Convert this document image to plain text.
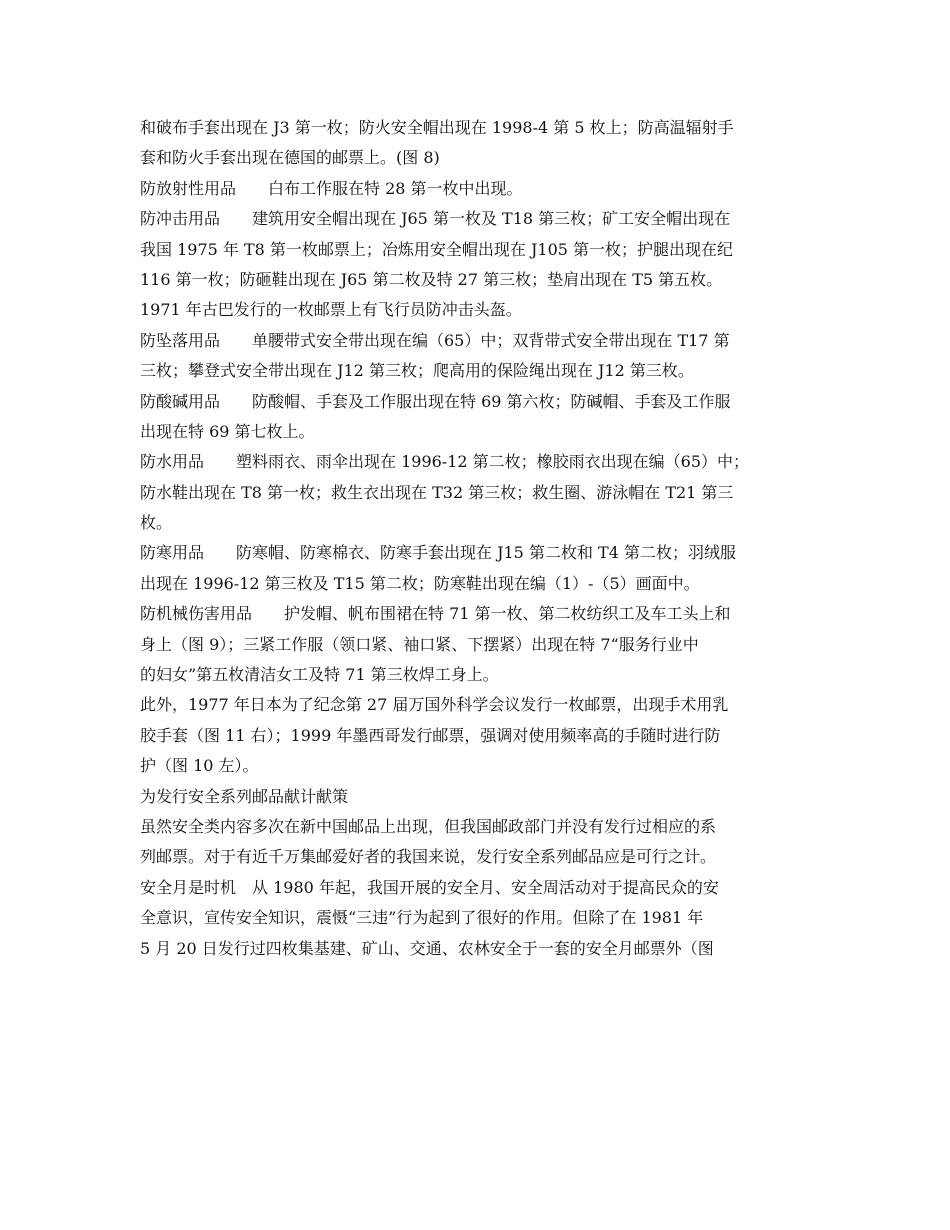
和破布手套出现在 J3 第一枚；防火安全帽出现在 1998-4 第 5 枚上；防高温辐射手
套和防火手套出现在德国的邮票上。(图 8)
防放射性用品　　白布工作服在特 28 第一枚中出现。
防冲击用品　　建筑用安全帽出现在 J65 第一枚及 T18 第三枚；矿工安全帽出现在
我国 1975 年 T8 第一枚邮票上；冶炼用安全帽出现在 J105 第一枚；护腿出现在纪
116 第一枚；防砸鞋出现在 J65 第二枚及特 27 第三枚；垫肩出现在 T5 第五枚。
1971 年古巴发行的一枚邮票上有飞行员防冲击头盔。
防坠落用品　　单腰带式安全带出现在编（65）中；双背带式安全带出现在 T17 第
三枚；攀登式安全带出现在 J12 第三枚；爬高用的保险绳出现在 J12 第三枚。
防酸碱用品　　防酸帽、手套及工作服出现在特 69 第六枚；防碱帽、手套及工作服
出现在特 69 第七枚上。
防水用品　　塑料雨衣、雨伞出现在 1996-12 第二枚；橡胶雨衣出现在编（65）中；
防水鞋出现在 T8 第一枚；救生衣出现在 T32 第三枚；救生圈、游泳帽在 T21 第三
枚。
防寒用品　　防寒帽、防寒棉衣、防寒手套出现在 J15 第二枚和 T4 第二枚；羽绒服
出现在 1996-12 第三枚及 T15 第二枚；防寒鞋出现在编（1）-（5）画面中。
防机械伤害用品　　护发帽、帆布围裙在特 71 第一枚、第二枚纺织工及车工头上和
身上（图 9）；三紧工作服（领口紧、袖口紧、下摆紧）出现在特 7“服务行业中
的妇女”第五枚清洁女工及特 71 第三枚焊工身上。
此外，1977 年日本为了纪念第 27 届万国外科学会议发行一枚邮票，出现手术用乳
胶手套（图 11 右）；1999 年墨西哥发行邮票，强调对使用频率高的手随时进行防
护（图 10 左）。
为发行安全系列邮品献计献策
虽然安全类内容多次在新中国邮品上出现，但我国邮政部门并没有发行过相应的系
列邮票。对于有近千万集邮爱好者的我国来说，发行安全系列邮品应是可行之计。
安全月是时机　从 1980 年起，我国开展的安全月、安全周活动对于提高民众的安
全意识，宣传安全知识，震慑“三违”行为起到了很好的作用。但除了在 1981 年
5 月 20 日发行过四枚集基建、矿山、交通、农林安全于一套的安全月邮票外（图
